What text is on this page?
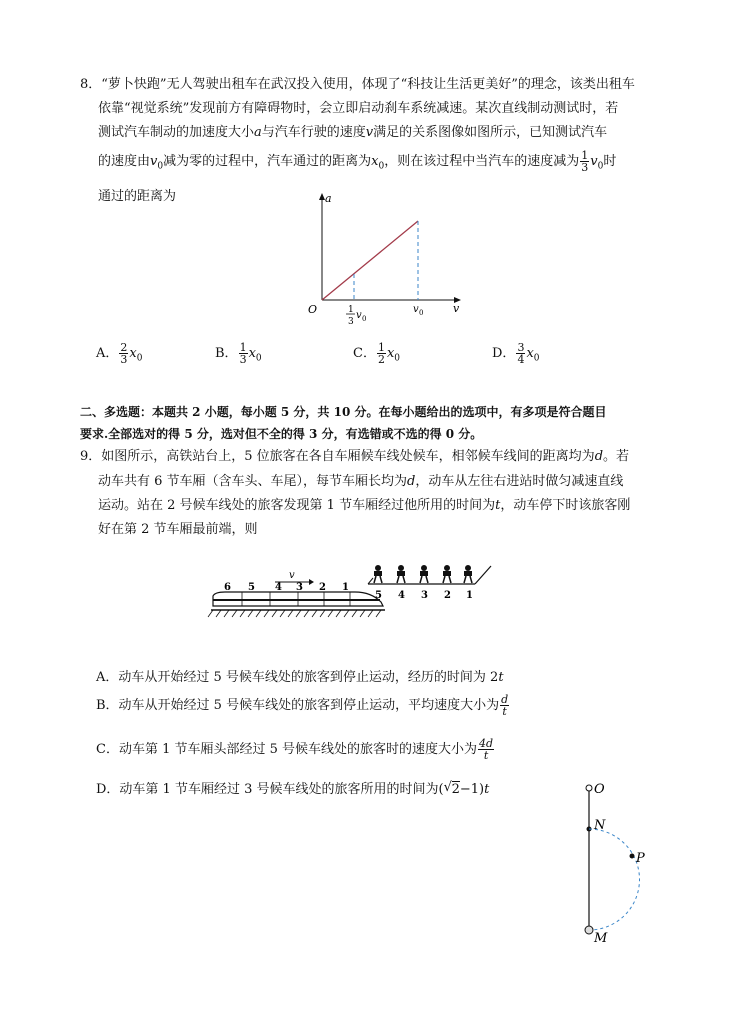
8．“萝卜快跑”无人驾驶出租车在武汉投入使用，体现了“科技让生活更美好”的理念，该类出租车
依靠“视觉系统”发现前方有障碍物时，会立即启动刹车系统减速。某次直线制动测试时，若
测试汽车制动的加速度大小a与汽车行驶的速度v满足的关系图像如图所示，已知测试汽车
的速度由$v_0$减为零的过程中，汽车通过的距离为$x_0$，则在该过程中当汽车的速度减为 $\frac{1}{3} v_0$时
通过的距离为	a
v
O	1
3
v 0
v 0
A． $\frac{2}{3} x_0$	B． $\frac{1}{3} x_0$	C． $\frac{1}{2} x_0$	D． $\frac{3}{4} x_0$
二、多选题：本题共 2 小题，每小题 5 分，共 10 分。在每小题给出的选项中，有多项是符合题目
要求.全部选对的得 5 分，选对但不全的得 3 分，有选错或不选的得 0 分。
9．如图所示，高铁站台上，5 位旅客在各自车厢候车线处候车，相邻候车线间的距离均为d。若
动车共有 6 节车厢（含车头、车尾），每节车厢长均为d，动车从左往右进站时做匀减速直线
运动。站在 2 号候车线处的旅客发现第 1 节车厢经过他所用的时间为t，动车停下时该旅客刚
好在第 2 节车厢最前端，则
6 5 4 3 2 1
v
5 4 3 2 1
A．动车从开始经过 5 号候车线处的旅客到停止运动，经历的时间为 2t
B．动车从开始经过 5 号候车线处的旅客到停止运动，平均速度大小为 $\frac{d}{t}$
C．动车第 1 节车厢头部经过 5 号候车线处的旅客时的速度大小为 $\frac{4d}{t}$
D．动车第 1 节车厢经过 3 号候车线处的旅客所用的时间为( √ 2−1)t	O
N
P
M
